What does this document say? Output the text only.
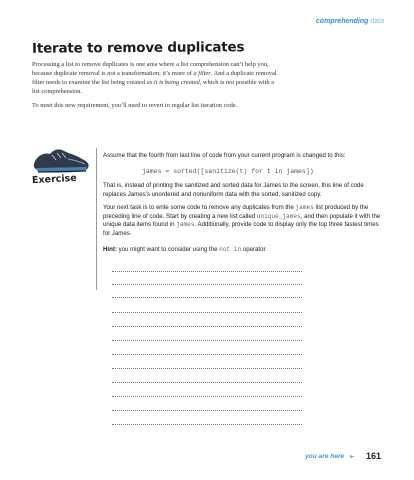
comprehending data
Iterate to remove duplicates
Processing a list to remove duplicates is one area where a list comprehension can’t help you, because duplicate removal is not a transformation; it’s more of a filter. And a duplicate removal filter needs to examine the list being created as it is being created, which is not possible with a list comprehension.
To meet this new requirement, you’ll need to revert to regular list iteration code.
Exercise
Assume that the fourth from last line of code from your current program is changed to this:
james = sorted([sanitize(t) for t in james])
That is, instead of printing the sanitized and sorted data for James to the screen, this line of code replaces James’s unordered and nonuniform data with the sorted, sanitized copy.
Your next task is to write some code to remove any duplicates from the james list produced by the preceding line of code. Start by creating a new list called unique_james, and then populate it with the unique data items found in james. Additionally, provide code to display only the top three fastest times for James.
Hint: you might want to consider using the not in operator.
you are here ► 161
